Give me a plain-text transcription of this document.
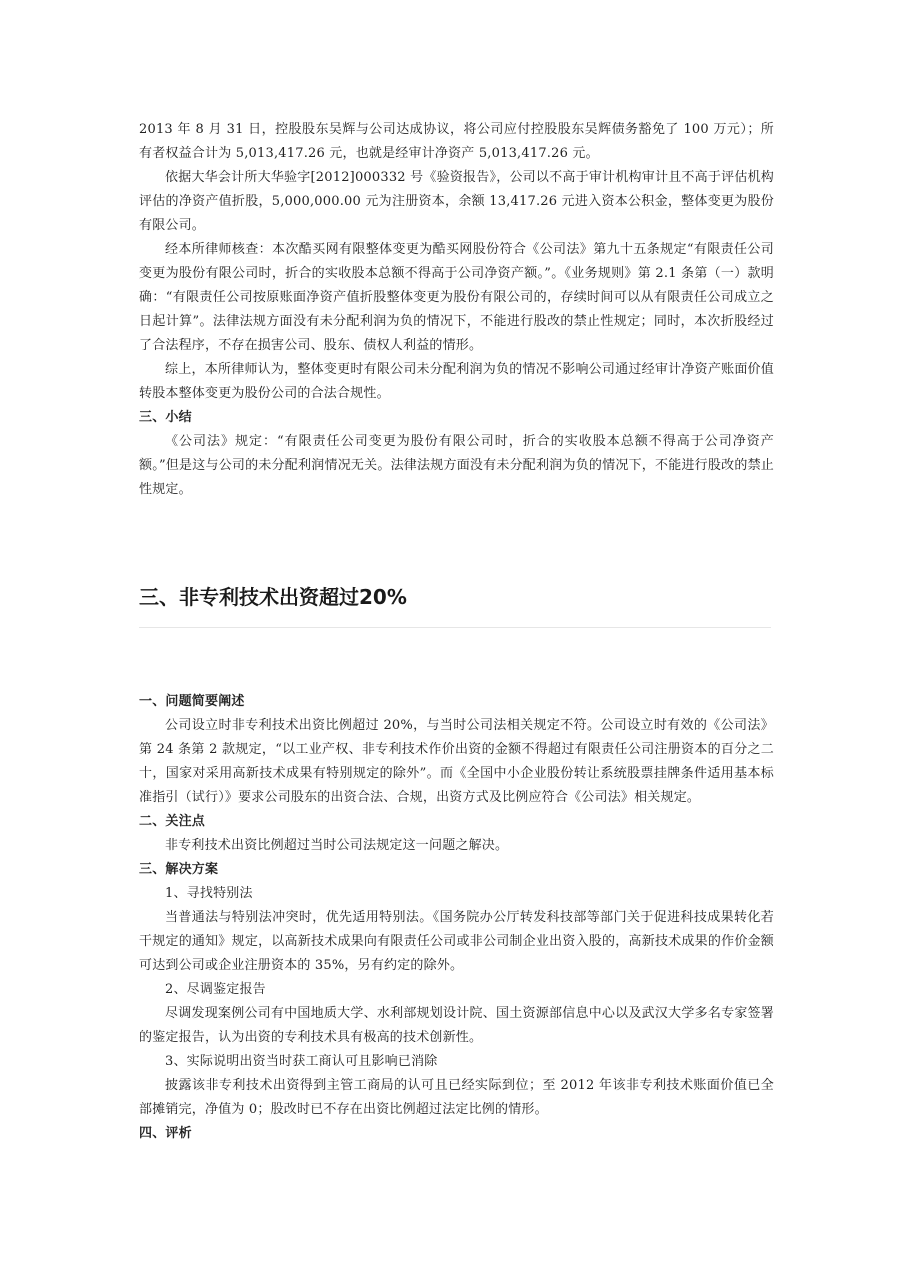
2013 年 8 月 31 日，控股股东吴辉与公司达成协议，将公司应付控股股东吴辉债务豁免了 100 万元）；所有者权益合计为 5,013,417.26 元，也就是经审计净资产 5,013,417.26 元。

依据大华会计所大华验字[2012]000332 号《验资报告》，公司以不高于审计机构审计且不高于评估机构评估的净资产值折股，5,000,000.00 元为注册资本，余额 13,417.26 元进入资本公积金，整体变更为股份有限公司。

经本所律师核查：本次酷买网有限整体变更为酷买网股份符合《公司法》第九十五条规定“有限责任公司变更为股份有限公司时，折合的实收股本总额不得高于公司净资产额。”。《业务规则》第 2.1 条第（一）款明确：“有限责任公司按原账面净资产值折股整体变更为股份有限公司的，存续时间可以从有限责任公司成立之日起计算”。法律法规方面没有未分配利润为负的情况下，不能进行股改的禁止性规定；同时，本次折股经过了合法程序，不存在损害公司、股东、债权人利益的情形。

综上，本所律师认为，整体变更时有限公司未分配利润为负的情况不影响公司通过经审计净资产账面价值转股本整体变更为股份公司的合法合规性。

三、小结

《公司法》规定：“有限责任公司变更为股份有限公司时，折合的实收股本总额不得高于公司净资产额。”但是这与公司的未分配利润情况无关。法律法规方面没有未分配利润为负的情况下，不能进行股改的禁止性规定。

三、非专利技术出资超过20%

一、问题简要阐述

公司设立时非专利技术出资比例超过 20%，与当时公司法相关规定不符。公司设立时有效的《公司法》第 24 条第 2 款规定，“以工业产权、非专利技术作价出资的金额不得超过有限责任公司注册资本的百分之二十，国家对采用高新技术成果有特别规定的除外”。而《全国中小企业股份转让系统股票挂牌条件适用基本标准指引（试行）》要求公司股东的出资合法、合规，出资方式及比例应符合《公司法》相关规定。

二、关注点

非专利技术出资比例超过当时公司法规定这一问题之解决。

三、解决方案

1、寻找特别法

当普通法与特别法冲突时，优先适用特别法。《国务院办公厅转发科技部等部门关于促进科技成果转化若干规定的通知》规定，以高新技术成果向有限责任公司或非公司制企业出资入股的，高新技术成果的作价金额可达到公司或企业注册资本的 35%，另有约定的除外。

2、尽调鉴定报告

尽调发现案例公司有中国地质大学、水利部规划设计院、国土资源部信息中心以及武汉大学多名专家签署的鉴定报告，认为出资的专利技术具有极高的技术创新性。

3、实际说明出资当时获工商认可且影响已消除

披露该非专利技术出资得到主管工商局的认可且已经实际到位；至 2012 年该非专利技术账面价值已全部摊销完，净值为 0；股改时已不存在出资比例超过法定比例的情形。

四、评析
